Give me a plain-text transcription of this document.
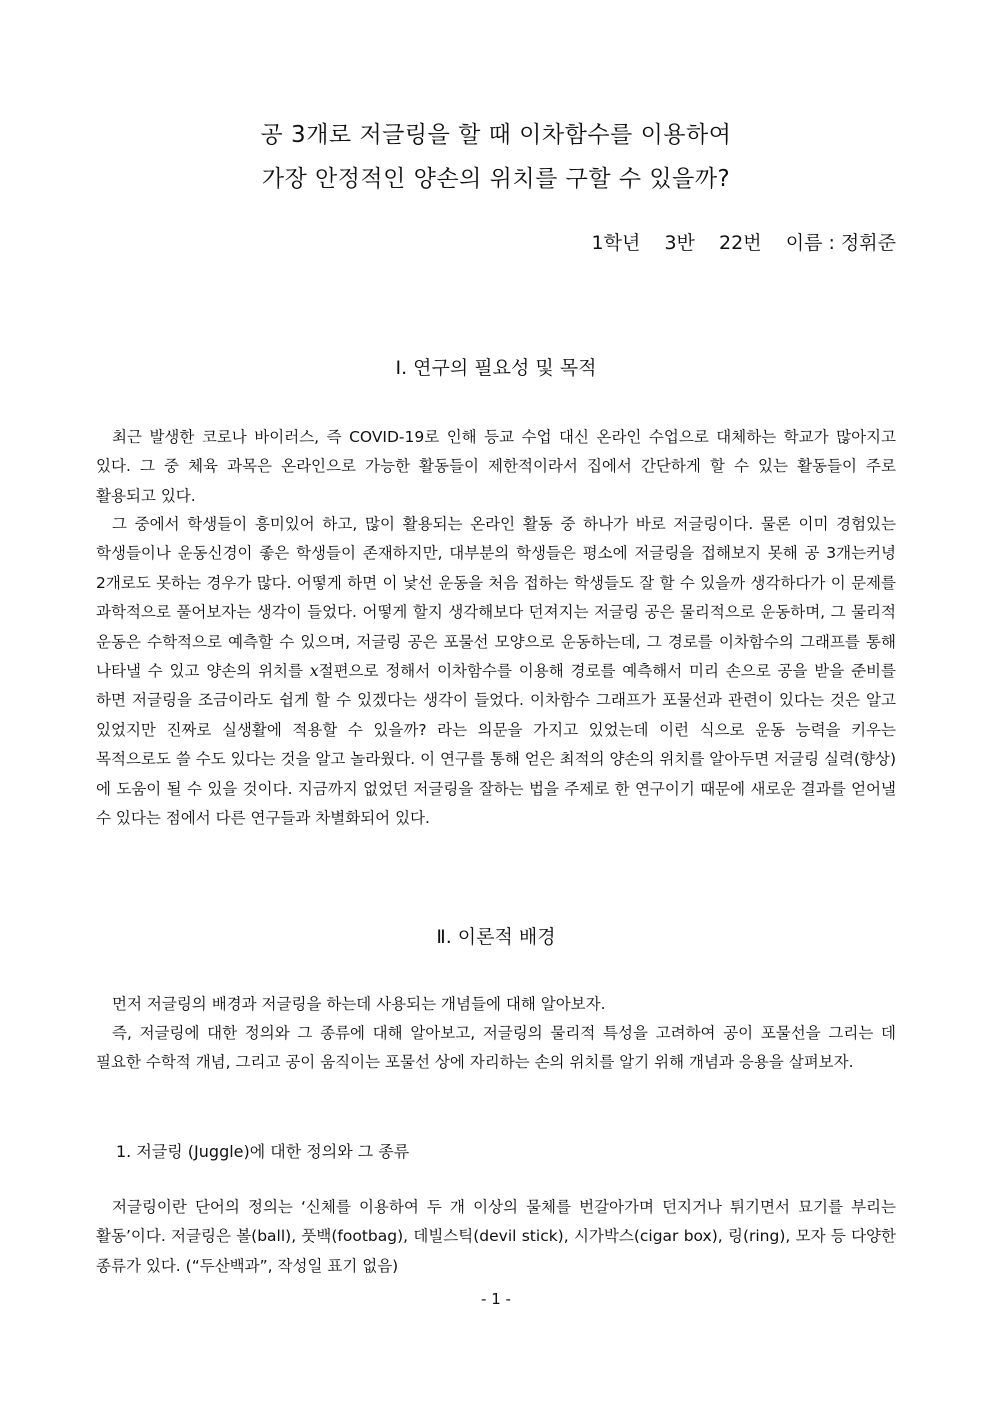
공 3개로 저글링을 할 때 이차함수를 이용하여
가장 안정적인 양손의 위치를 구할 수 있을까?
1학년    3반    22번    이름 : 정휘준
Ⅰ. 연구의 필요성 및 목적

최근 발생한 코로나 바이러스, 즉 COVID-19로 인해 등교 수업 대신 온라인 수업으로 대체하는 학교가 많아지고 있다. 그 중 체육 과목은 온라인으로 가능한 활동들이 제한적이라서 집에서 간단하게 할 수 있는 활동들이 주로 활용되고 있다.

그 중에서 학생들이 흥미있어 하고, 많이 활용되는 온라인 활동 중 하나가 바로 저글링이다. 물론 이미 경험있는 학생들이나 운동신경이 좋은 학생들이 존재하지만, 대부분의 학생들은 평소에 저글링을 접해보지 못해 공 3개는커녕 2개로도 못하는 경우가 많다. 어떻게 하면 이 낯선 운동을 처음 접하는 학생들도 잘 할 수 있을까 생각하다가 이 문제를 과학적으로 풀어보자는 생각이 들었다. 어떻게 할지 생각해보다 던져지는 저글링 공은 물리적으로 운동하며, 그 물리적 운동은 수학적으로 예측할 수 있으며, 저글링 공은 포물선 모양으로 운동하는데, 그 경로를 이차함수의 그래프를 통해 나타낼 수 있고 양손의 위치를 x절편으로 정해서 이차함수를 이용해 경로를 예측해서 미리 손으로 공을 받을 준비를 하면 저글링을 조금이라도 쉽게 할 수 있겠다는 생각이 들었다. 이차함수 그래프가 포물선과 관련이 있다는 것은 알고 있었지만 진짜로 실생활에 적용할 수 있을까? 라는 의문을 가지고 있었는데 이런 식으로 운동 능력을 키우는 목적으로도 쓸 수도 있다는 것을 알고 놀라웠다. 이 연구를 통해 얻은 최적의 양손의 위치를 알아두면 저글링 실력(향상)에 도움이 될 수 있을 것이다. 지금까지 없었던 저글링을 잘하는 법을 주제로 한 연구이기 때문에 새로운 결과를 얻어낼 수 있다는 점에서 다른 연구들과 차별화되어 있다.

Ⅱ. 이론적 배경

먼저 저글링의 배경과 저글링을 하는데 사용되는 개념들에 대해 알아보자.

즉, 저글링에 대한 정의와 그 종류에 대해 알아보고, 저글링의 물리적 특성을 고려하여 공이 포물선을 그리는 데 필요한 수학적 개념, 그리고 공이 움직이는 포물선 상에 자리하는 손의 위치를 알기 위해 개념과 응용을 살펴보자.

1. 저글링 (Juggle)에 대한 정의와 그 종류

저글링이란 단어의 정의는 ‘신체를 이용하여 두 개 이상의 물체를 번갈아가며 던지거나 튀기면서 묘기를 부리는 활동’이다. 저글링은 볼(ball), 풋백(footbag), 데빌스틱(devil stick), 시가박스(cigar box), 링(ring), 모자 등 다양한 종류가 있다. (“두산백과”, 작성일 표기 없음)

- 1 -
